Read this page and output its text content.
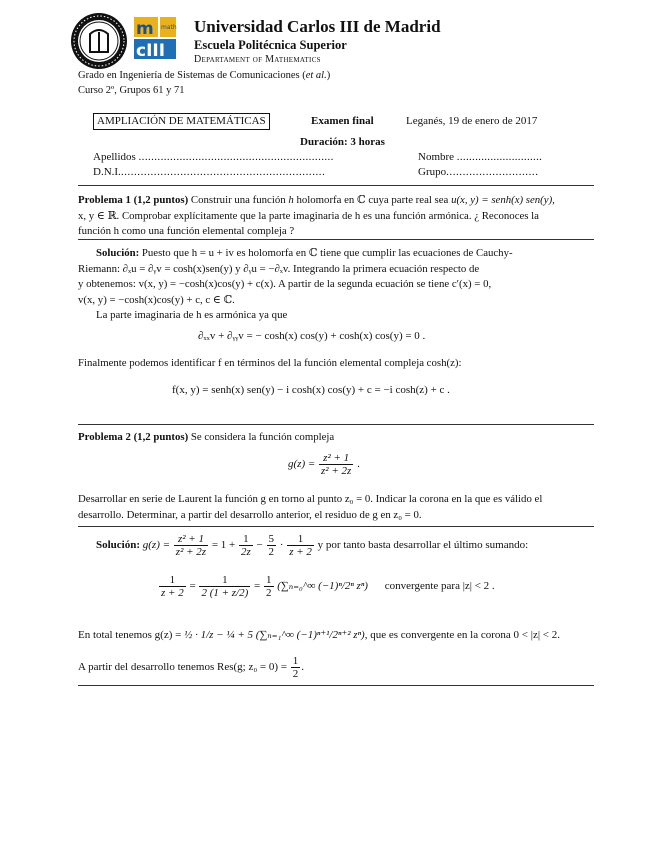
m
cIII
math Universidad Carlos III de Madrid
Escuela Politécnica Superior
Departament of Mathematics
Grado en Ingeniería de Sistemas de Comunicaciones (et al.)
Curso 2º, Grupos 61 y 71
AMPLIACIÓN DE MATEMÁTICAS	Examen final	Leganés, 19 de enero de 2017
Duración: 3 horas
Apellidos ..............................................................	Nombre ............................
D.N.I...............................................................	Grupo............................
Problema 1 (1,2 puntos) Construir una función h holomorfa en ℂ cuya parte real sea u(x, y) = senh(x) sen(y),
x, y ∈ ℝ. Comprobar explícitamente que la parte imaginaria de h es una función armónica. ¿ Reconoces la
función h como una función elemental compleja ?
Solución: Puesto que h = u + iv es holomorfa en ℂ tiene que cumplir las ecuaciones de Cauchy-
Riemann: ∂ₓu = ∂ᵧv = cosh(x)sen(y) y ∂ᵧu = −∂ₓv. Integrando la primera ecuación respecto de
y obtenemos: v(x, y) = −cosh(x)cos(y) + c(x). A partir de la segunda ecuación se tiene c′(x) = 0,
v(x, y) = −cosh(x)cos(y) + c, c ∈ ℂ.
La parte imaginaria de h es armónica ya que
∂ₓₓv + ∂ᵧᵧv = − cosh(x) cos(y) + cosh(x) cos(y) = 0 .
Finalmente podemos identificar f en términos del la función elemental compleja cosh(z):
f(x, y) = senh(x) sen(y) − i cosh(x) cos(y) + c = −i cosh(z) + c .
Problema 2 (1,2 puntos) Se considera la función compleja
$g(z) = \frac{\text{z² + 1}}{\text{z² + 2z}}$ .
Desarrollar en serie de Laurent la función g en torno al punto z₀ = 0. Indicar la corona en la que es válido el
desarrollo. Determinar, a partir del desarrollo anterior, el residuo de g en z₀ = 0.
Solución: $g(z) = \frac{\text{z² + 1}}{\text{z² + 2z}} = 1 + \frac{1}{2z} - \frac{5}{2} \cdot \frac{1}{z + 2}$ y por tanto basta desarrollar el último sumando:
$\frac{1}{z + 2} = \frac{1}{2 (1 + z/2)} = \frac{1}{2}$ (∑ₙ₌₀^∞ (−1)ⁿ/2ⁿ zⁿ) convergente para |z| < 2 .
En total tenemos g(z) = ½ · 1/z − ¼ + 5 (∑ₙ₌₁^∞ (−1)ⁿ⁺¹/2ⁿ⁺² zⁿ), que es convergente en la corona 0 < |z| < 2.
A partir del desarrollo tenemos Res(g; $z_0 = 0) = \frac{1}{2}$ .
